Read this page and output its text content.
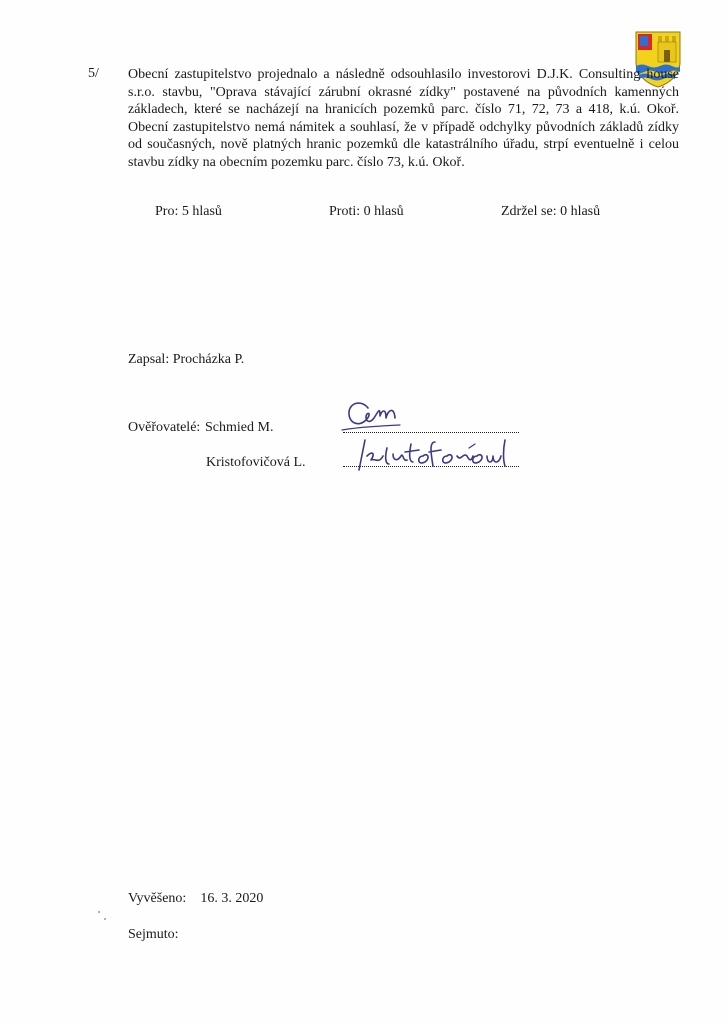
5/ Obecní zastupitelstvo projednalo a následně odsouhlasilo investorovi D.J.K. Consulting house s.r.o. stavbu, "Oprava stávající zárubní okrasné zídky" postavené na původních kamenných základech, které se nacházejí na hranicích pozemků parc. číslo 71, 72, 73 a 418, k.ú. Okoř. Obecní zastupitelstvo nemá námitek a souhlasí, že v případě odchylky původních základů zídky od současných, nově platných hranic pozemků dle katastrálního úřadu, strpí eventuelně i celou stavbu zídky na obecním pozemku parc. číslo 73, k.ú. Okoř.

Pro: 5 hlasů	Proti: 0 hlasů	Zdržel se: 0 hlasů
Zapsal: Procházka P.
Ověřovatelé: Schmied M.
Kristofovičová L.
Vyvěšeno: 16. 3. 2020
Sejmuto:
